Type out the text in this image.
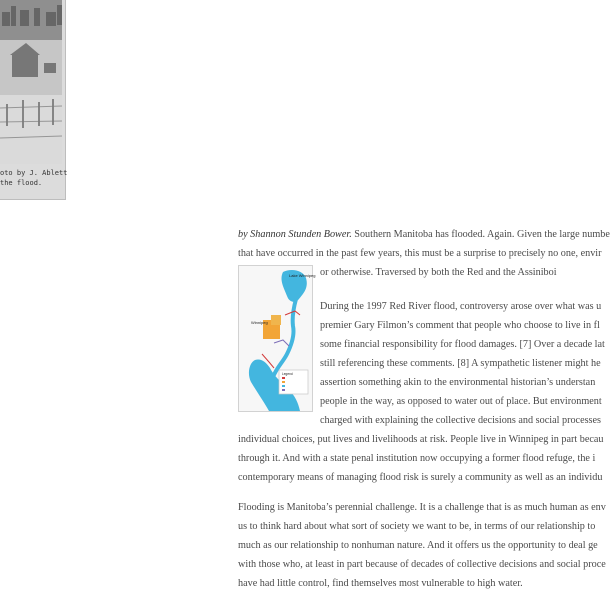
oto by J. Ablett
the flood.
by Shannon Stunden Bower. Southern Manitoba has flooded. Again. Given the large numbe
that have occurred in the past few years, this must be a surprise to precisely no one, envir
or otherwise. Traversed by both the Red and the Assiniboi
Lake Winnipeg
Winnipeg
Legend
During the 1997 Red River flood, controversy arose over what was u
premier Gary Filmon’s comment that people who choose to live in fl
some financial responsibility for flood damages. [7] Over a decade lat
still referencing these comments. [8] A sympathetic listener might he
assertion something akin to the environmental historian’s understan
people in the way, as opposed to water out of place. But environment
charged with explaining the collective decisions and social processes
individual choices, put lives and livelihoods at risk. People live in Winnipeg in part becau
through it. And with a state penal institution now occupying a former flood refuge, the i
contemporary means of managing flood risk is surely a community as well as an individu
Flooding is Manitoba’s perennial challenge. It is a challenge that is as much human as env
us to think hard about what sort of society we want to be, in terms of our relationship to
much as our relationship to nonhuman nature. And it offers us the opportunity to deal ge
with those who, at least in part because of decades of collective decisions and social proce
have had little control, find themselves most vulnerable to high water.
